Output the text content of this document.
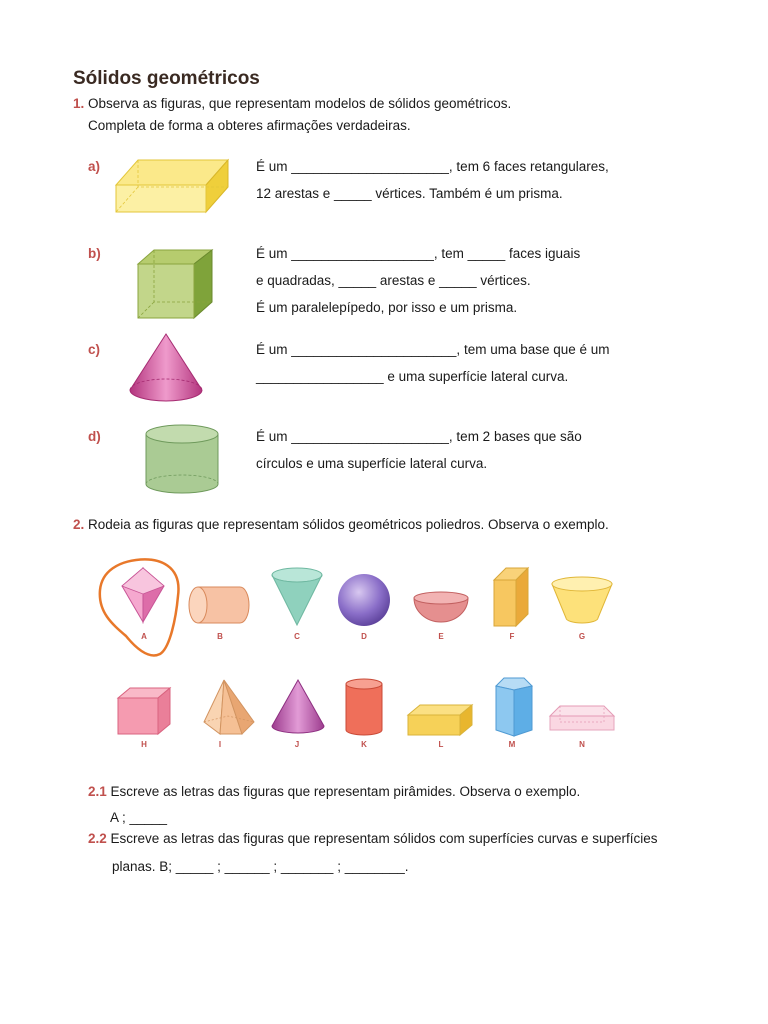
Sólidos geométricos
1. Observa as figuras, que representam modelos de sólidos geométricos.
Completa de forma a obteres afirmações verdadeiras.
a)	É um _____________________, tem 6 faces retangulares,
12 arestas e _____ vértices. Também é um prisma.
b)	É um ___________________, tem _____ faces iguais
e quadradas, _____ arestas e _____ vértices.
É um paralelepípedo, por isso e um prisma.
c)	É um ______________________, tem uma base que é um
_________________ e uma superfície lateral curva.
d)	É um _____________________, tem 2 bases que são
círculos e uma superfície lateral curva.
2. Rodeia as figuras que representam sólidos geométricos poliedros. Observa o exemplo.
A	B	C	D	E	F	G
H	I	J	K	L	M	N
2.1 Escreve as letras das figuras que representam pirâmides. Observa o exemplo.
A ; _____
2.2 Escreve as letras das figuras que representam sólidos com superfícies curvas e superfícies
planas. B; _____ ; ______ ; _______ ; ________.
